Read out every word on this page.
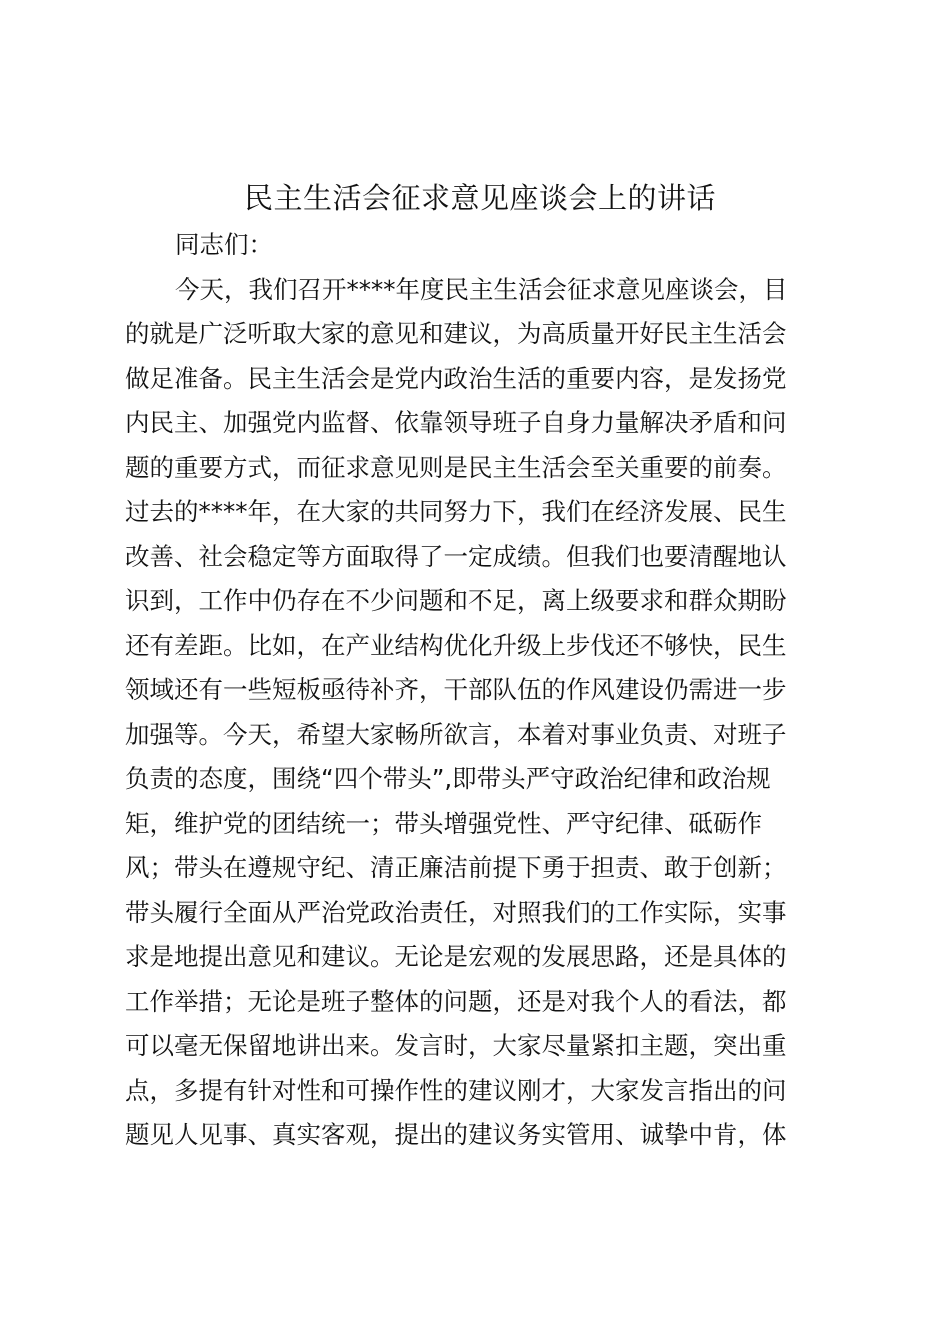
民主生活会征求意见座谈会上的讲话

同志们：

今天，我们召开****年度民主生活会征求意见座谈会，目
的就是广泛听取大家的意见和建议，为高质量开好民主生活会
做足准备。民主生活会是党内政治生活的重要内容，是发扬党
内民主、加强党内监督、依靠领导班子自身力量解决矛盾和问
题的重要方式，而征求意见则是民主生活会至关重要的前奏。
过去的****年，在大家的共同努力下，我们在经济发展、民生
改善、社会稳定等方面取得了一定成绩。但我们也要清醒地认
识到，工作中仍存在不少问题和不足，离上级要求和群众期盼
还有差距。比如，在产业结构优化升级上步伐还不够快，民生
领域还有一些短板亟待补齐，干部队伍的作风建设仍需进一步
加强等。今天，希望大家畅所欲言，本着对事业负责、对班子
负责的态度，围绕“四个带头”,即带头严守政治纪律和政治规
矩，维护党的团结统一；带头增强党性、严守纪律、砥砺作
风；带头在遵规守纪、清正廉洁前提下勇于担责、敢于创新；
带头履行全面从严治党政治责任，对照我们的工作实际，实事
求是地提出意见和建议。无论是宏观的发展思路，还是具体的
工作举措；无论是班子整体的问题，还是对我个人的看法，都
可以毫无保留地讲出来。发言时，大家尽量紧扣主题，突出重
点，多提有针对性和可操作性的建议刚才，大家发言指出的问
题见人见事、真实客观，提出的建议务实管用、诚挚中肯，体
